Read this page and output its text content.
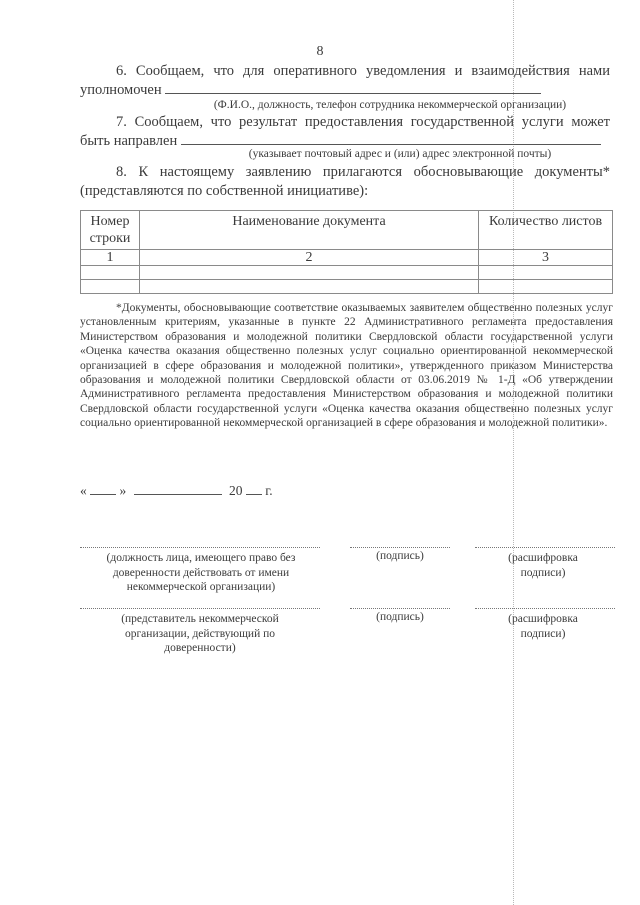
8
6. Сообщаем, что для оперативного уведомления и взаимодействия нами уполномочен
(Ф.И.О., должность, телефон сотрудника некоммерческой организации)
7. Сообщаем, что результат предоставления государственной услуги может быть направлен
(указывает почтовый адрес и (или) адрес электронной почты)
8. К настоящему заявлению прилагаются обосновывающие документы* (представляются по собственной инициативе):
Номер строки	Наименование документа	Количество листов
1	2	3

*Документы, обосновывающие соответствие оказываемых заявителем общественно полезных услуг установленным критериям, указанные в пункте 22 Административного регламента предоставления Министерством образования и молодежной политики Свердловской области государственной услуги «Оценка качества оказания общественно полезных услуг социально ориентированной некоммерческой организацией в сфере образования и молодежной политики», утвержденного приказом Министерства образования и молодежной политики Свердловской области от 03.06.2019 № 1-Д «Об утверждении Административного регламента предоставления Министерством образования и молодежной политики Свердловской области государственной услуги «Оценка качества оказания общественно полезных услуг социально ориентированной некоммерческой организацией в сфере образования и молодежной политики».
« »	20 г.
(должность лица, имеющего право без доверенности действовать от имени некоммерческой организации)
(подпись)	(расшифровка подписи)
(представитель некоммерческой организации, действующий по доверенности)
(подпись)	(расшифровка подписи)
